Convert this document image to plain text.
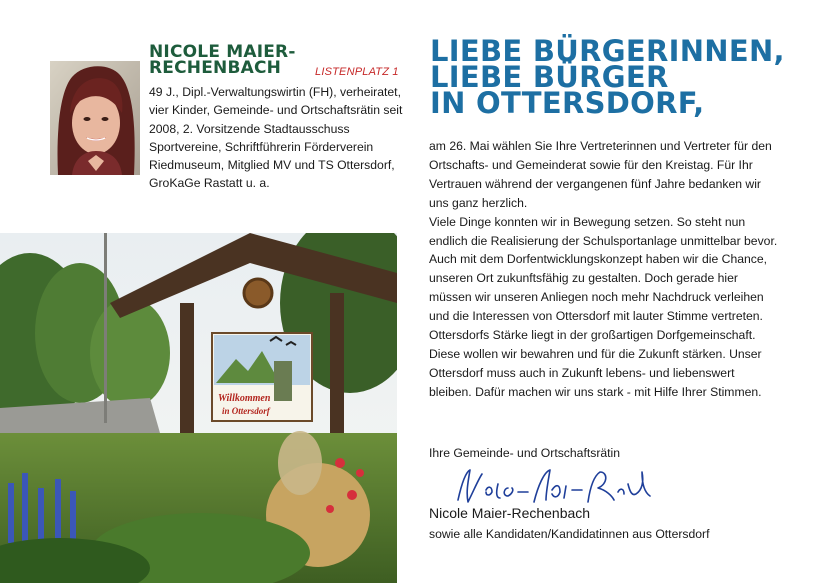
NICOLE MAIER-
RECHENBACH	LISTENPLATZ 1
49 J., Dipl.-Verwaltungswirtin (FH), verheiratet, vier Kinder, Gemeinde- und Ortschaftsrätin seit 2008, 2. Vorsitzende Stadtausschuss Sportvereine, Schriftführerin Förderverein Riedmuseum, Mitglied MV und TS Ottersdorf, GroKaGe Rastatt u. a.
Willkommen
in Ottersdorf
LIEBE BÜRGERINNEN,
LIEBE BÜRGER
IN OTTERSDORF,

am 26. Mai wählen Sie Ihre Vertreterinnen und Vertreter für den Ortschafts- und Gemeinderat sowie für den Kreistag. Für Ihr Vertrauen während der vergangenen fünf Jahre bedanken wir uns ganz herzlich.

Viele Dinge konnten wir in Bewegung setzen. So steht nun endlich die Realisierung der Schulsportanlage unmittelbar bevor. Auch mit dem Dorfentwicklungskonzept haben wir die Chance, unseren Ort zukunftsfähig zu gestalten. Doch gerade hier müssen wir unseren Anliegen noch mehr Nachdruck verleihen und die Interessen von Ottersdorf mit lauter Stimme vertreten. Ottersdorfs Stärke liegt in der großartigen Dorfgemeinschaft. Diese wollen wir bewahren und für die Zukunft stärken. Unser Ottersdorf muss auch in Zukunft lebens- und liebenswert bleiben. Dafür machen wir uns stark - mit Hilfe Ihrer Stimmen.

Ihre Gemeinde- und Ortschaftsrätin
Nicole Maier-Rechenbach
sowie alle Kandidaten/Kandidatinnen aus Ottersdorf
